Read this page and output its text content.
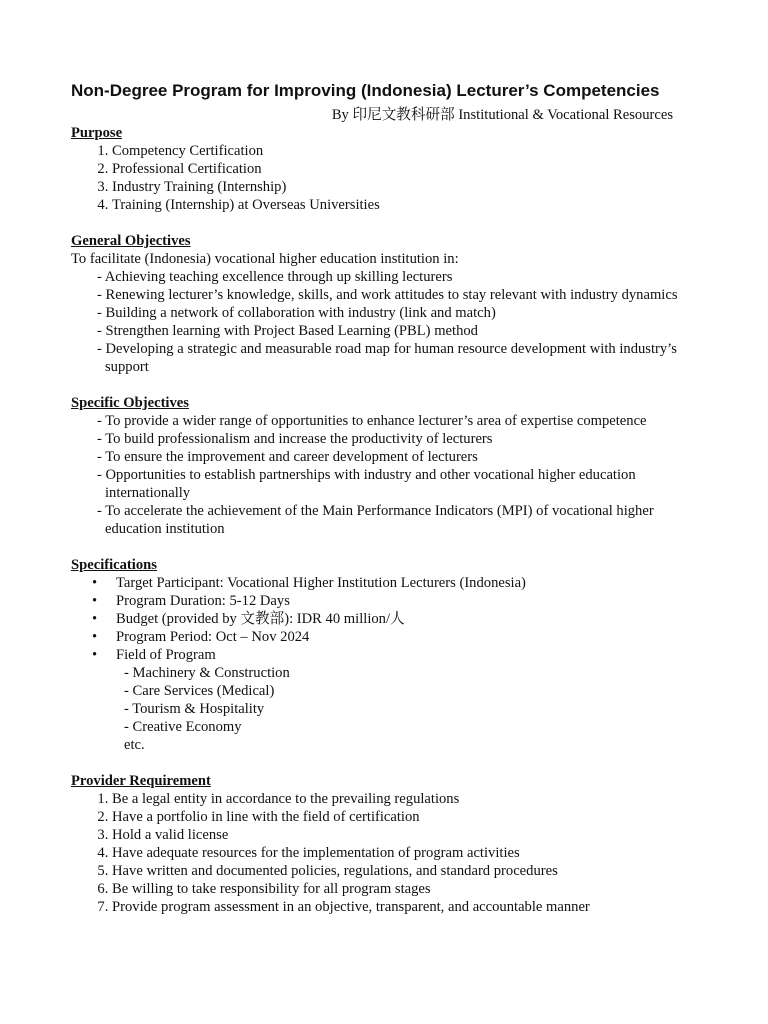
Non-Degree Program for Improving (Indonesia) Lecturer’s Competencies
By 印尼文教科研部 Institutional & Vocational Resources
Purpose
1. Competency Certification
2. Professional Certification
3. Industry Training (Internship)
4. Training (Internship) at Overseas Universities
General Objectives
To facilitate (Indonesia) vocational higher education institution in:
- Achieving teaching excellence through up skilling lecturers
- Renewing lecturer’s knowledge, skills, and work attitudes to stay relevant with industry dynamics
- Building a network of collaboration with industry (link and match)
- Strengthen learning with Project Based Learning (PBL) method
- Developing a strategic and measurable road map for human resource development with industry’s support
Specific Objectives
- To provide a wider range of opportunities to enhance lecturer’s area of expertise competence
- To build professionalism and increase the productivity of lecturers
- To ensure the improvement and career development of lecturers
- Opportunities to establish partnerships with industry and other vocational higher education internationally
- To accelerate the achievement of the Main Performance Indicators (MPI) of vocational higher education institution
Specifications
• Target Participant: Vocational Higher Institution Lecturers (Indonesia)
• Program Duration: 5-12 Days
• Budget (provided by 文教部): IDR 40 million/人
• Program Period: Oct – Nov 2024
• Field of Program
- Machinery & Construction
- Care Services (Medical)
- Tourism & Hospitality
- Creative Economy
etc.
Provider Requirement
1. Be a legal entity in accordance to the prevailing regulations
2. Have a portfolio in line with the field of certification
3. Hold a valid license
4. Have adequate resources for the implementation of program activities
5. Have written and documented policies, regulations, and standard procedures
6. Be willing to take responsibility for all program stages
7. Provide program assessment in an objective, transparent, and accountable manner
